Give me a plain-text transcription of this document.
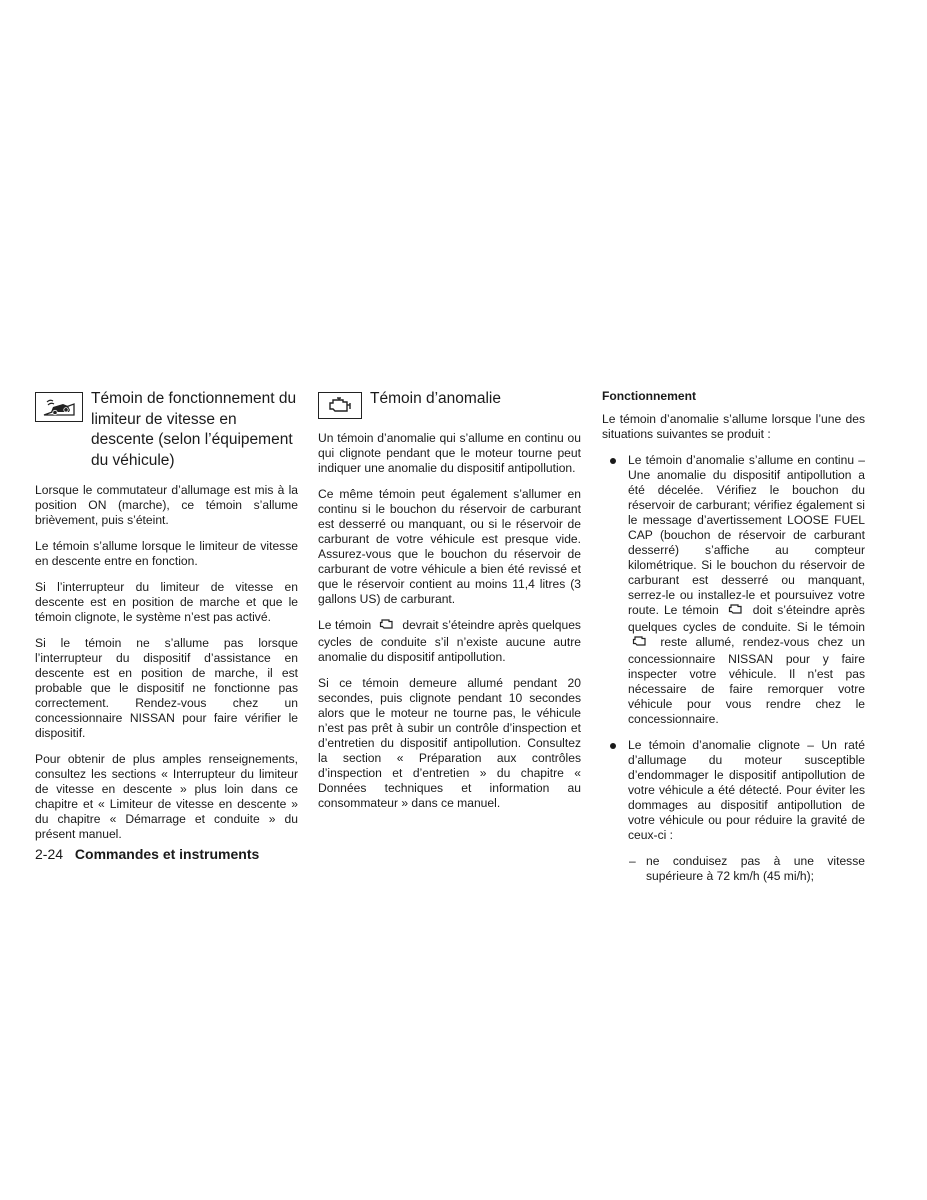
Témoin de fonctionnement du limiteur de vitesse en descente (selon l’équipement du véhicule)

Lorsque le commutateur d’allumage est mis à la position ON (marche), ce témoin s’allume brièvement, puis s’éteint.

Le témoin s’allume lorsque le limiteur de vitesse en descente entre en fonction.

Si l’interrupteur du limiteur de vitesse en descente est en position de marche et que le témoin clignote, le système n’est pas activé.

Si le témoin ne s’allume pas lorsque l’interrupteur du dispositif d’assistance en descente est en position de marche, il est probable que le dispositif ne fonctionne pas correctement. Rendez-vous chez un concessionnaire NISSAN pour faire vérifier le dispositif.

Pour obtenir de plus amples renseignements, consultez les sections « Interrupteur du limiteur de vitesse en descente » plus loin dans ce chapitre et « Limiteur de vitesse en descente » du chapitre « Démarrage et conduite » du présent manuel.

Témoin d’anomalie

Un témoin d’anomalie qui s’allume en continu ou qui clignote pendant que le moteur tourne peut indiquer une anomalie du dispositif antipollution.

Ce même témoin peut également s’allumer en continu si le bouchon du réservoir de carburant est desserré ou manquant, ou si le réservoir de carburant de votre véhicule est presque vide. Assurez-vous que le bouchon du réservoir de carburant de votre véhicule a bien été revissé et que le réservoir contient au moins 11,4 litres (3 gallons US) de carburant.

Le témoin	devrait s’éteindre après quelques cycles de conduite s’il n’existe aucune autre anomalie du dispositif antipollution.

Si ce témoin demeure allumé pendant 20 secondes, puis clignote pendant 10 secondes alors que le moteur ne tourne pas, le véhicule n’est pas prêt à subir un contrôle d’inspection et d’entretien du dispositif antipollution. Consultez la section « Préparation aux contrôles d’inspection et d’entretien » du chapitre « Données techniques et information au consommateur » dans ce manuel.

Fonctionnement

Le témoin d’anomalie s’allume lorsque l’une des situations suivantes se produit :

Le témoin d’anomalie s’allume en continu – Une anomalie du dispositif antipollution a été décelée. Vérifiez le bouchon du réservoir de carburant; vérifiez également si le message d’avertissement LOOSE FUEL CAP (bouchon de réservoir de carburant desserré) s’affiche au compteur kilométrique. Si le bouchon du réservoir de carburant est desserré ou manquant, serrez-le ou installez-le et poursuivez votre route. Le témoin	doit s’éteindre après quelques cycles de conduite. Si le témoin  reste allumé, rendez-vous chez un concessionnaire NISSAN pour y faire inspecter votre véhicule. Il n’est pas nécessaire de faire remorquer votre véhicule pour vous rendre chez le concessionnaire.
Le témoin d’anomalie clignote – Un raté d’allumage du moteur susceptible d’endommager le dispositif antipollution de votre véhicule a été détecté. Pour éviter les dommages au dispositif antipollution de votre véhicule ou pour réduire la gravité de ceux-ci :
– ne conduisez pas à une vitesse supérieure à 72 km/h (45 mi/h);
2-24 Commandes et instruments
